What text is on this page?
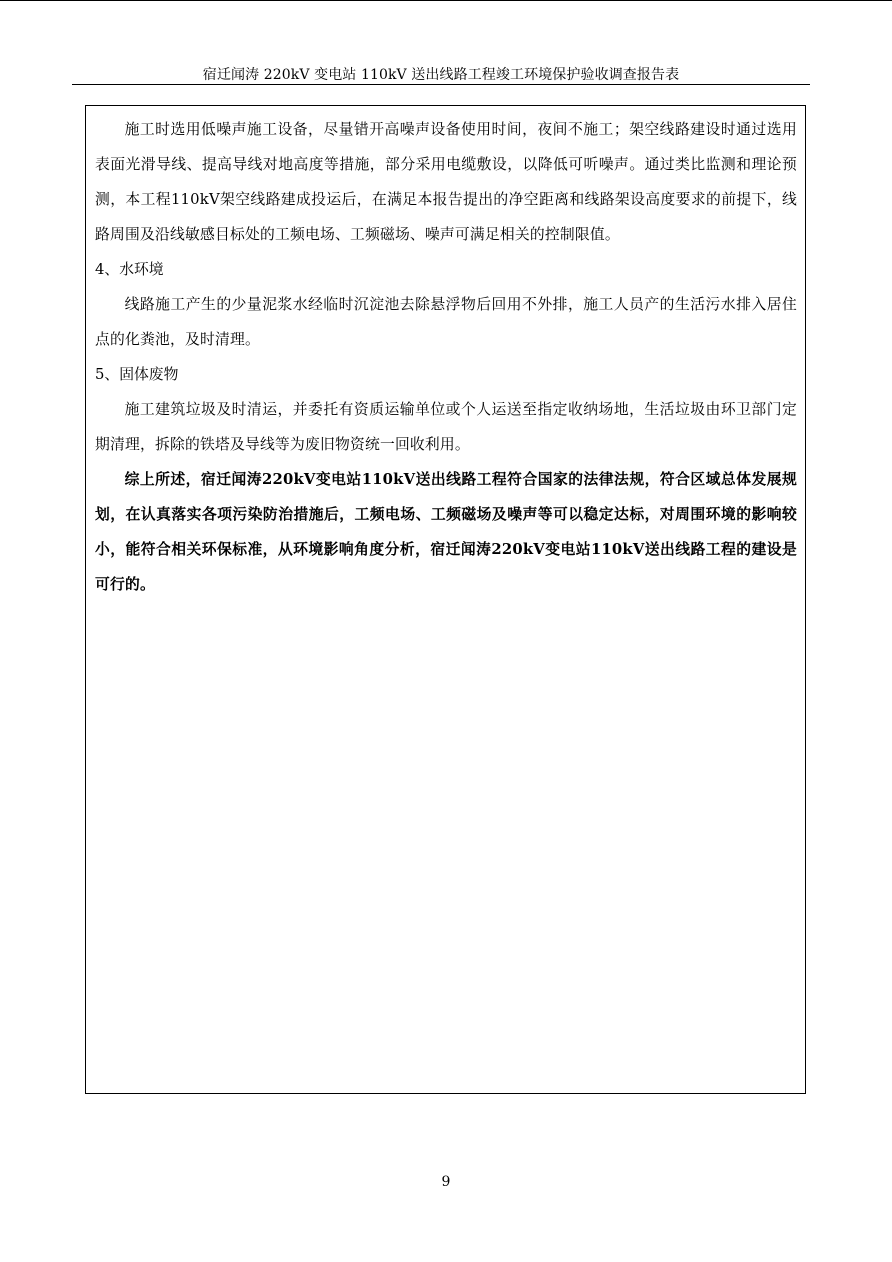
宿迁闻涛 220kV 变电站 110kV 送出线路工程竣工环境保护验收调查报告表

施工时选用低噪声施工设备，尽量错开高噪声设备使用时间，夜间不施工；架空线路建设时通过选用表面光滑导线、提高导线对地高度等措施，部分采用电缆敷设，以降低可听噪声。通过类比监测和理论预测，本工程110kV架空线路建成投运后，在满足本报告提出的净空距离和线路架设高度要求的前提下，线路周围及沿线敏感目标处的工频电场、工频磁场、噪声可满足相关的控制限值。

4、水环境

线路施工产生的少量泥浆水经临时沉淀池去除悬浮物后回用不外排，施工人员产的生活污水排入居住点的化粪池，及时清理。

5、固体废物

施工建筑垃圾及时清运，并委托有资质运输单位或个人运送至指定收纳场地，生活垃圾由环卫部门定期清理，拆除的铁塔及导线等为废旧物资统一回收利用。

综上所述，宿迁闻涛220kV变电站110kV送出线路工程符合国家的法律法规，符合区域总体发展规划，在认真落实各项污染防治措施后，工频电场、工频磁场及噪声等可以稳定达标，对周围环境的影响较小，能符合相关环保标准，从环境影响角度分析，宿迁闻涛220kV变电站110kV送出线路工程的建设是可行的。

9
